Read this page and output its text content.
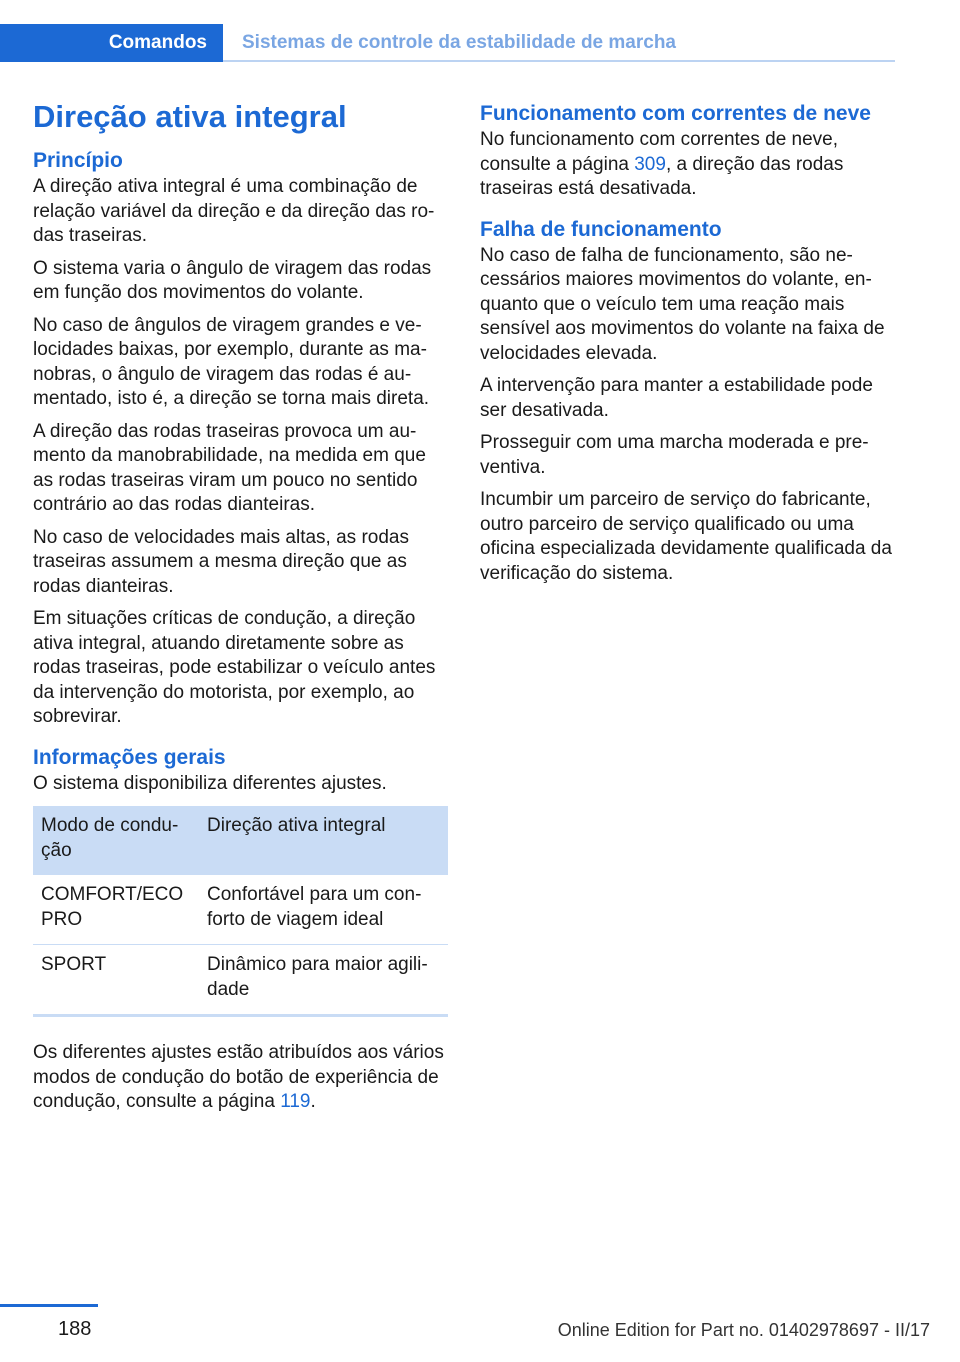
Comandos	Sistemas de controle da estabilidade de marcha
Direção ativa integral
Princípio

A direção ativa integral é uma combinação de relação variável da direção e da direção das rodas traseiras.

O sistema varia o ângulo de viragem das rodas em função dos movimentos do volante.

No caso de ângulos de viragem grandes e velocidades baixas, por exemplo, durante as manobras, o ângulo de viragem das rodas é aumentado, isto é, a direção se torna mais direta.

A direção das rodas traseiras provoca um aumento da manobrabilidade, na medida em que as rodas traseiras viram um pouco no sentido contrário ao das rodas dianteiras.

No caso de velocidades mais altas, as rodas traseiras assumem a mesma direção que as rodas dianteiras.

Em situações críticas de condução, a direção ativa integral, atuando diretamente sobre as rodas traseiras, pode estabilizar o veículo antes da intervenção do motorista, por exemplo, ao sobrevirar.

Informações gerais

O sistema disponibiliza diferentes ajustes.

Modo de condução	Direção ativa integral
COMFORT/ECO PRO	Confortável para um conforto de viagem ideal
SPORT	Dinâmico para maior agilidade

Os diferentes ajustes estão atribuídos aos vários modos de condução do botão de experiência de condução, consulte a página 119.

Funcionamento com correntes de neve

No funcionamento com correntes de neve, consulte a página 309, a direção das rodas traseiras está desativada.

Falha de funcionamento

No caso de falha de funcionamento, são necessários maiores movimentos do volante, enquanto que o veículo tem uma reação mais sensível aos movimentos do volante na faixa de velocidades elevada.

A intervenção para manter a estabilidade pode ser desativada.

Prosseguir com uma marcha moderada e preventiva.

Incumbir um parceiro de serviço do fabricante, outro parceiro de serviço qualificado ou uma oficina especializada devidamente qualificada da verificação do sistema.

188	Online Edition for Part no. 01402978697 - II/17
